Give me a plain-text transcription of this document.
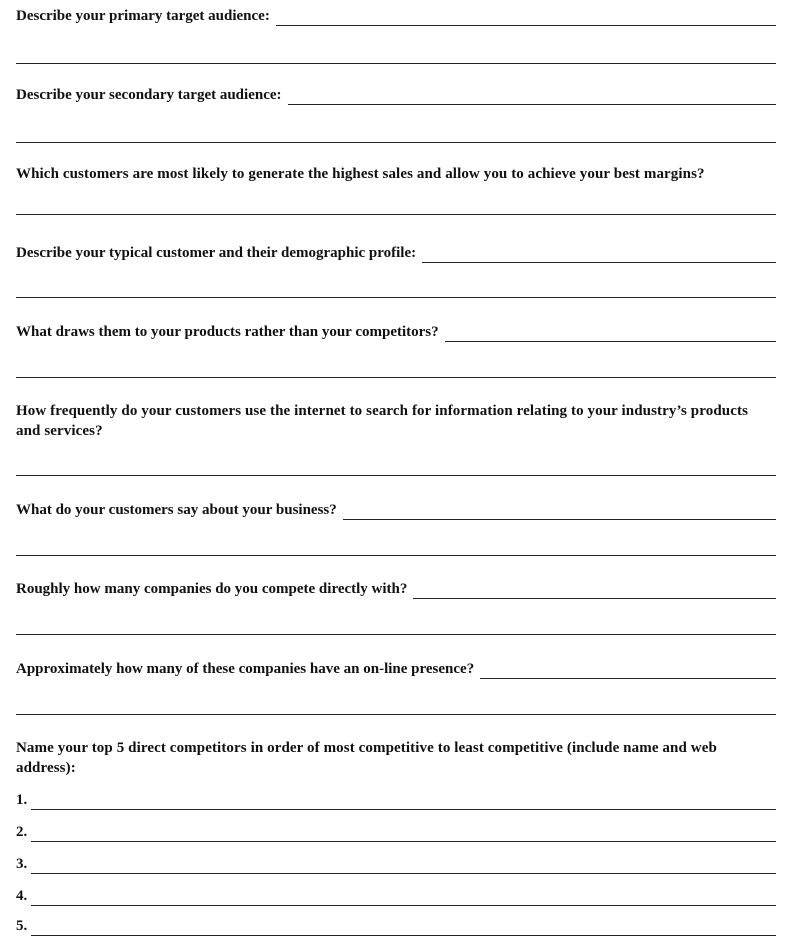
Describe your primary target audience:
Describe your secondary target audience:
Which customers are most likely to generate the highest sales and allow you to achieve your best margins?
Describe your typical customer and their demographic profile:
What draws them to your products rather than your competitors?
How frequently do your customers use the internet to search for information relating to your industry’s products and services?
What do your customers say about your business?
Roughly how many companies do you compete directly with?
Approximately how many of these companies have an on-line presence?
Name your top 5 direct competitors in order of most competitive to least competitive (include name and web address):
1.
2.
3.
4.
5.
